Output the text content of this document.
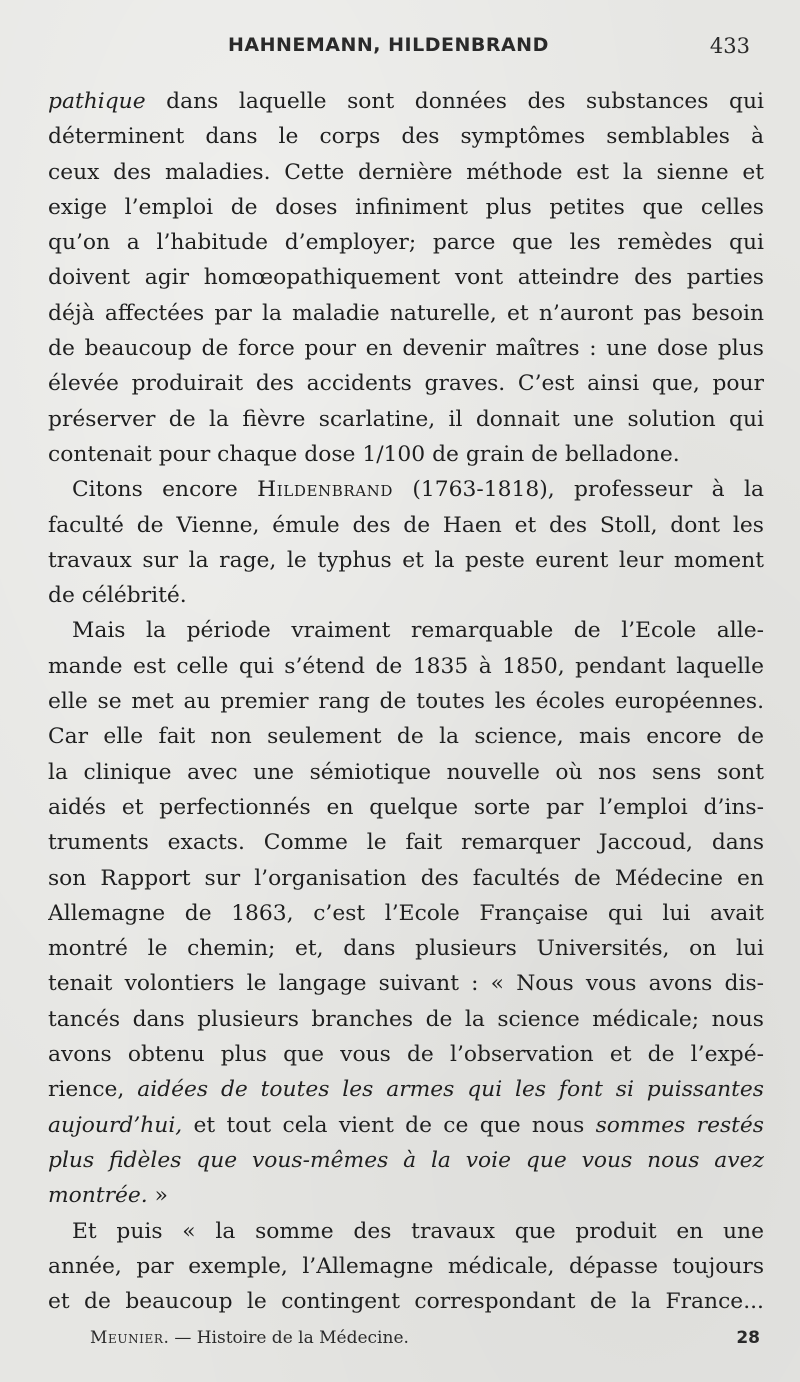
HAHNEMANN, HILDENBRAND	433
pathique dans laquelle sont données des substances qui
déterminent dans le corps des symptômes semblables à
ceux des maladies. Cette dernière méthode est la sienne et
exige l’emploi de doses infiniment plus petites que celles
qu’on a l’habitude d’employer; parce que les remèdes qui
doivent agir homœopathiquement vont atteindre des parties
déjà affectées par la maladie naturelle, et n’auront pas besoin
de beaucoup de force pour en devenir maîtres : une dose plus
élevée produirait des accidents graves. C’est ainsi que, pour
préserver de la fièvre scarlatine, il donnait une solution qui
contenait pour chaque dose 1/100 de grain de belladone.
Citons encore Hildenbrand (1763-1818), professeur à la
faculté de Vienne, émule des de Haen et des Stoll, dont les
travaux sur la rage, le typhus et la peste eurent leur moment
de célébrité.
Mais la période vraiment remarquable de l’Ecole alle-
mande est celle qui s’étend de 1835 à 1850, pendant laquelle
elle se met au premier rang de toutes les écoles européennes.
Car elle fait non seulement de la science, mais encore de
la clinique avec une sémiotique nouvelle où nos sens sont
aidés et perfectionnés en quelque sorte par l’emploi d’ins-
truments exacts. Comme le fait remarquer Jaccoud, dans
son Rapport sur l’organisation des facultés de Médecine en
Allemagne de 1863, c’est l’Ecole Française qui lui avait
montré le chemin; et, dans plusieurs Universités, on lui
tenait volontiers le langage suivant : « Nous vous avons dis-
tancés dans plusieurs branches de la science médicale; nous
avons obtenu plus que vous de l’observation et de l’expé-
rience, aidées de toutes les armes qui les font si puissantes
aujourd’hui, et tout cela vient de ce que nous sommes restés
plus fidèles que vous-mêmes à la voie que vous nous avez
montrée. »
Et puis « la somme des travaux que produit en une
année, par exemple, l’Allemagne médicale, dépasse toujours
et de beaucoup le contingent correspondant de la France...
Meunier. — Histoire de la Médecine.	28
